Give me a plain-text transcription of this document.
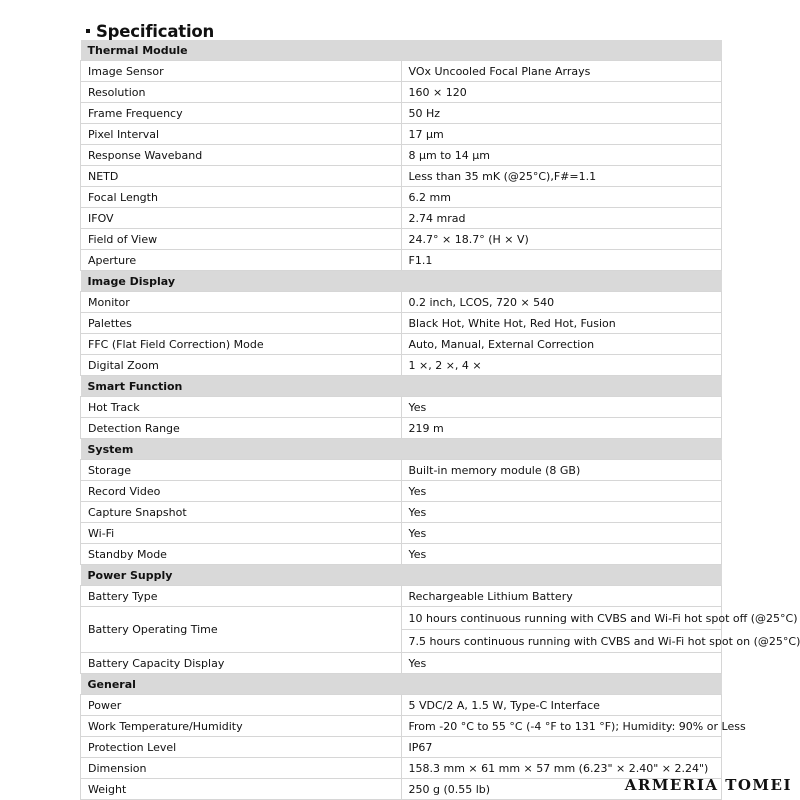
Specification
Thermal Module	
Image Sensor	VOx Uncooled Focal Plane Arrays
Resolution	160 × 120
Frame Frequency	50 Hz
Pixel Interval	17 μm
Response Waveband	8 μm to 14 μm
NETD	Less than 35 mK (@25°C),F#=1.1
Focal Length	6.2 mm
IFOV	2.74 mrad
Field of View	24.7° × 18.7° (H × V)
Aperture	F1.1
Image Display	
Monitor	0.2 inch, LCOS, 720 × 540
Palettes	Black Hot, White Hot, Red Hot, Fusion
FFC (Flat Field Correction) Mode	Auto, Manual, External Correction
Digital Zoom	1 ×, 2 ×, 4 ×
Smart Function	
Hot Track	Yes
Detection Range	219 m
System	
Storage	Built-in memory module (8 GB)
Record Video	Yes
Capture Snapshot	Yes
Wi-Fi	Yes
Standby Mode	Yes
Power Supply	
Battery Type	Rechargeable Lithium Battery
Battery Operating Time	10 hours continuous running with CVBS and Wi-Fi hot spot off (@25°C)
7.5 hours continuous running with CVBS and Wi-Fi hot spot on (@25°C)

Battery Capacity Display	Yes
General	
Power	5 VDC/2 A, 1.5 W, Type-C Interface
Work Temperature/Humidity	From -20 °C to 55 °C (-4 °F to 131 °F); Humidity: 90% or Less
Protection Level	IP67
Dimension	158.3 mm × 61 mm × 57 mm (6.23" × 2.40" × 2.24")
Weight	250 g (0.55 lb)	ARMERIA TOMEI
